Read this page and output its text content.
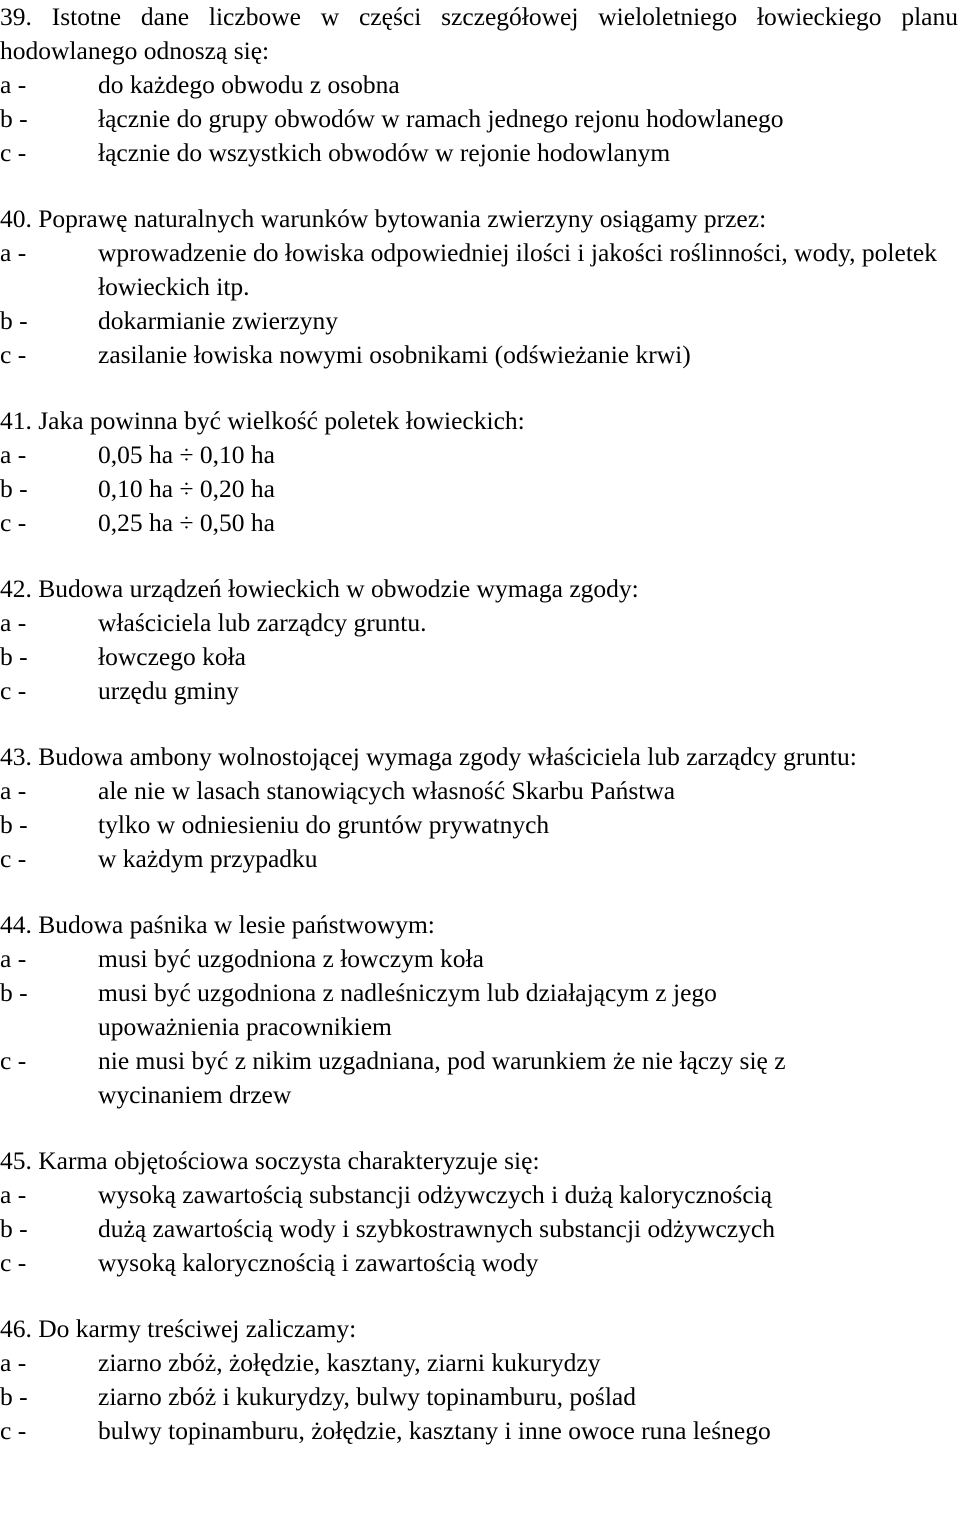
39. Istotne dane liczbowe w części szczegółowej wieloletniego łowieckiego planu hodowlanego odnoszą się:

a -	do każdego obwodu z osobna
b -	łącznie do grupy obwodów w ramach jednego rejonu hodowlanego
c -	łącznie do wszystkich obwodów w rejonie hodowlanym

40. Poprawę naturalnych warunków bytowania zwierzyny osiągamy przez:

a -	wprowadzenie do łowiska odpowiedniej ilości i jakości roślinności, wody, poletek łowieckich itp.
b -	dokarmianie zwierzyny
c -	zasilanie łowiska nowymi osobnikami (odświeżanie krwi)

41. Jaka powinna być wielkość poletek łowieckich:

a -	0,05 ha ÷ 0,10 ha
b -	0,10 ha ÷ 0,20 ha
c -	0,25 ha ÷ 0,50 ha

42. Budowa urządzeń łowieckich w obwodzie wymaga zgody:

a -	właściciela lub zarządcy gruntu.
b -	łowczego koła
c -	urzędu gminy

43. Budowa ambony wolnostojącej wymaga zgody właściciela lub zarządcy gruntu:

a -	ale nie w lasach stanowiących własność Skarbu Państwa
b -	tylko w odniesieniu do gruntów prywatnych
c -	w każdym przypadku

44. Budowa paśnika w lesie państwowym:

a -	musi być uzgodniona z łowczym koła
b -	musi być uzgodniona z nadleśniczym lub działającym z jego upoważnienia pracownikiem
c -	nie musi być z nikim uzgadniana, pod warunkiem że nie łączy się z wycinaniem drzew

45. Karma objętościowa soczysta charakteryzuje się:

a -	wysoką zawartością substancji odżywczych i dużą kalorycznością
b -	dużą zawartością wody i szybkostrawnych substancji odżywczych
c -	wysoką kalorycznością i zawartością wody

46. Do karmy treściwej zaliczamy:

a -	ziarno zbóż, żołędzie, kasztany, ziarni kukurydzy
b -	ziarno zbóż i kukurydzy, bulwy topinamburu, poślad
c -	bulwy topinamburu, żołędzie, kasztany i inne owoce runa leśnego
